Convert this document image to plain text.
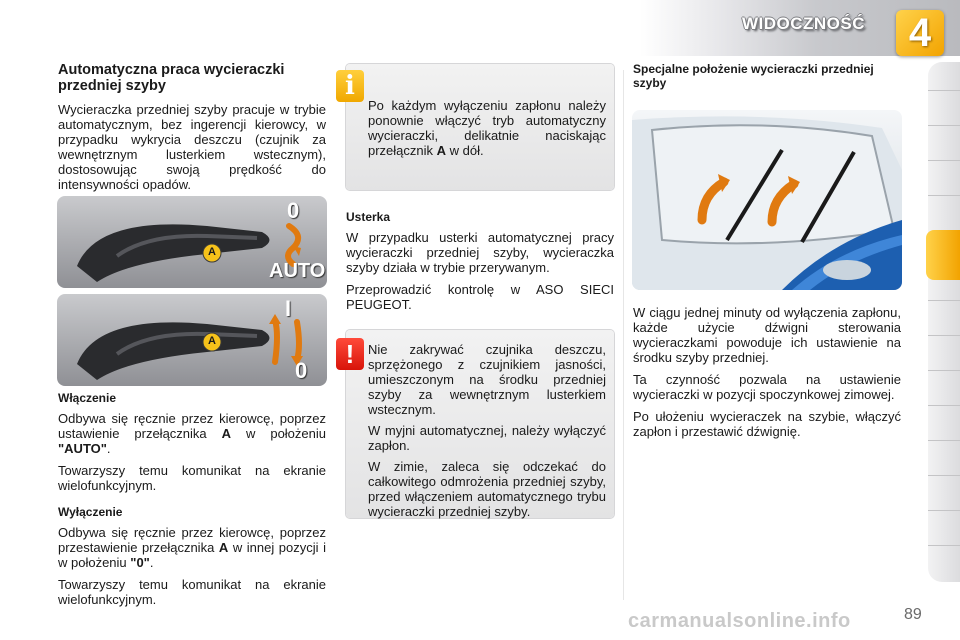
WIDOCZNOŚĆ	4
Automatyczna praca wycieraczki przedniej szyby

Wycieraczka przedniej szyby pracuje w trybie automatycznym, bez ingerencji kierowcy, w przypadku wykrycia deszczu (czujnik za wewnętrznym lusterkiem wstecznym), dostosowując swoją prędkość do intensywności opadów.

A
0
AUTO
A
I
0
Włączenie

Odbywa się ręcznie przez kierowcę, poprzez ustawienie przełącznika A w położeniu "AUTO".

Towarzyszy temu komunikat na ekranie wielofunkcyjnym.

Wyłączenie

Odbywa się ręcznie przez kierowcę, poprzez przestawienie przełącznika A w innej pozycji i w położeniu "0".

Towarzyszy temu komunikat na ekranie wielofunkcyjnym.

Po każdym wyłączeniu zapłonu należy ponownie włączyć tryb automatyczny wycieraczki, delikatnie naciskając przełącznik A w dół.

i
Usterka

W przypadku usterki automatycznej pracy wycieraczki przedniej szyby, wycieraczka szyby działa w trybie przerywanym.

Przeprowadzić kontrolę w ASO SIECI PEUGEOT.

Nie zakrywać czujnika deszczu, sprzężonego z czujnikiem jasności, umieszczonym na środku przedniej szyby za wewnętrznym lusterkiem wstecznym.

W myjni automatycznej, należy wyłączyć zapłon.

W zimie, zaleca się odczekać do całkowitego odmrożenia przedniej szyby, przed włączeniem automatycznego trybu wycieraczki przedniej szyby.

!
Specjalne położenie wycieraczki przedniej szyby

W ciągu jednej minuty od wyłączenia zapłonu, każde użycie dźwigni sterowania wycieraczkami powoduje ich ustawienie na środku szyby przedniej.

Ta czynność pozwala na ustawienie wycieraczki w pozycji spoczynkowej zimowej.

Po ułożeniu wycieraczek na szybie, włączyć zapłon i przestawić dźwignię.

carmanualsonline.info	89
